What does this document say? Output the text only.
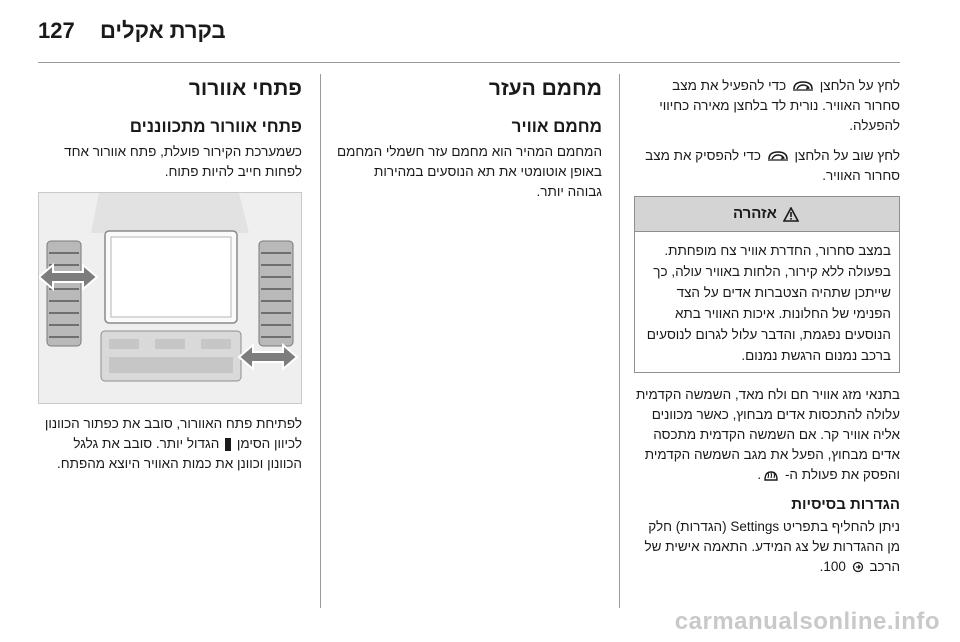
127 בקרת אקלים

לחץ על הלחצן  כדי להפעיל את מצב סחרור האוויר. נורית לד בלחצן מאירה כחיווי להפעלה.

לחץ שוב על הלחצן  כדי להפסיק את מצב סחרור האוויר.

אזהרה
במצב סחרור, החדרת אוויר צח מופחתת. בפעולה ללא קירור, הלחות באוויר עולה, כך שייתכן שתהיה הצטברות אדים על הצד הפנימי של החלונות. איכות האוויר בתא הנוסעים נפגמת, והדבר עלול לגרום לנוסעים ברכב נמנום הרגשת נמנום.

בתנאי מזג אוויר חם ולח מאד, השמשה הקדמית עלולה להתכסות אדים מבחוץ, כאשר מכוונים אליה אוויר קר. אם השמשה הקדמית מתכסה אדים מבחוץ, הפעל את מגב השמשה הקדמית והפסק את פעולת ה- .

הגדרות בסיסיות

ניתן להחליף בתפריט Settings (הגדרות) חלק מן ההגדרות של צג המידע. התאמה אישית של הרכב  100.

מחמם העזר
מחמם אוויר

המחמם המהיר הוא מחמם עזר חשמלי המחמם באופן אוטומטי את תא הנוסעים במהירות גבוהה יותר.

פתחי אוורור
פתחי אוורור מתכווננים

כשמערכת הקירור פועלת, פתח אוורור אחד לפחות חייב להיות פתוח.

לפתיחת פתח האוורור, סובב את כפתור הכוונון לכיוון הסימן  הגדול יותר. סובב את גלגל הכוונון וכוונן את כמות האוויר היוצא מהפתח.

carmanualsonline.info
